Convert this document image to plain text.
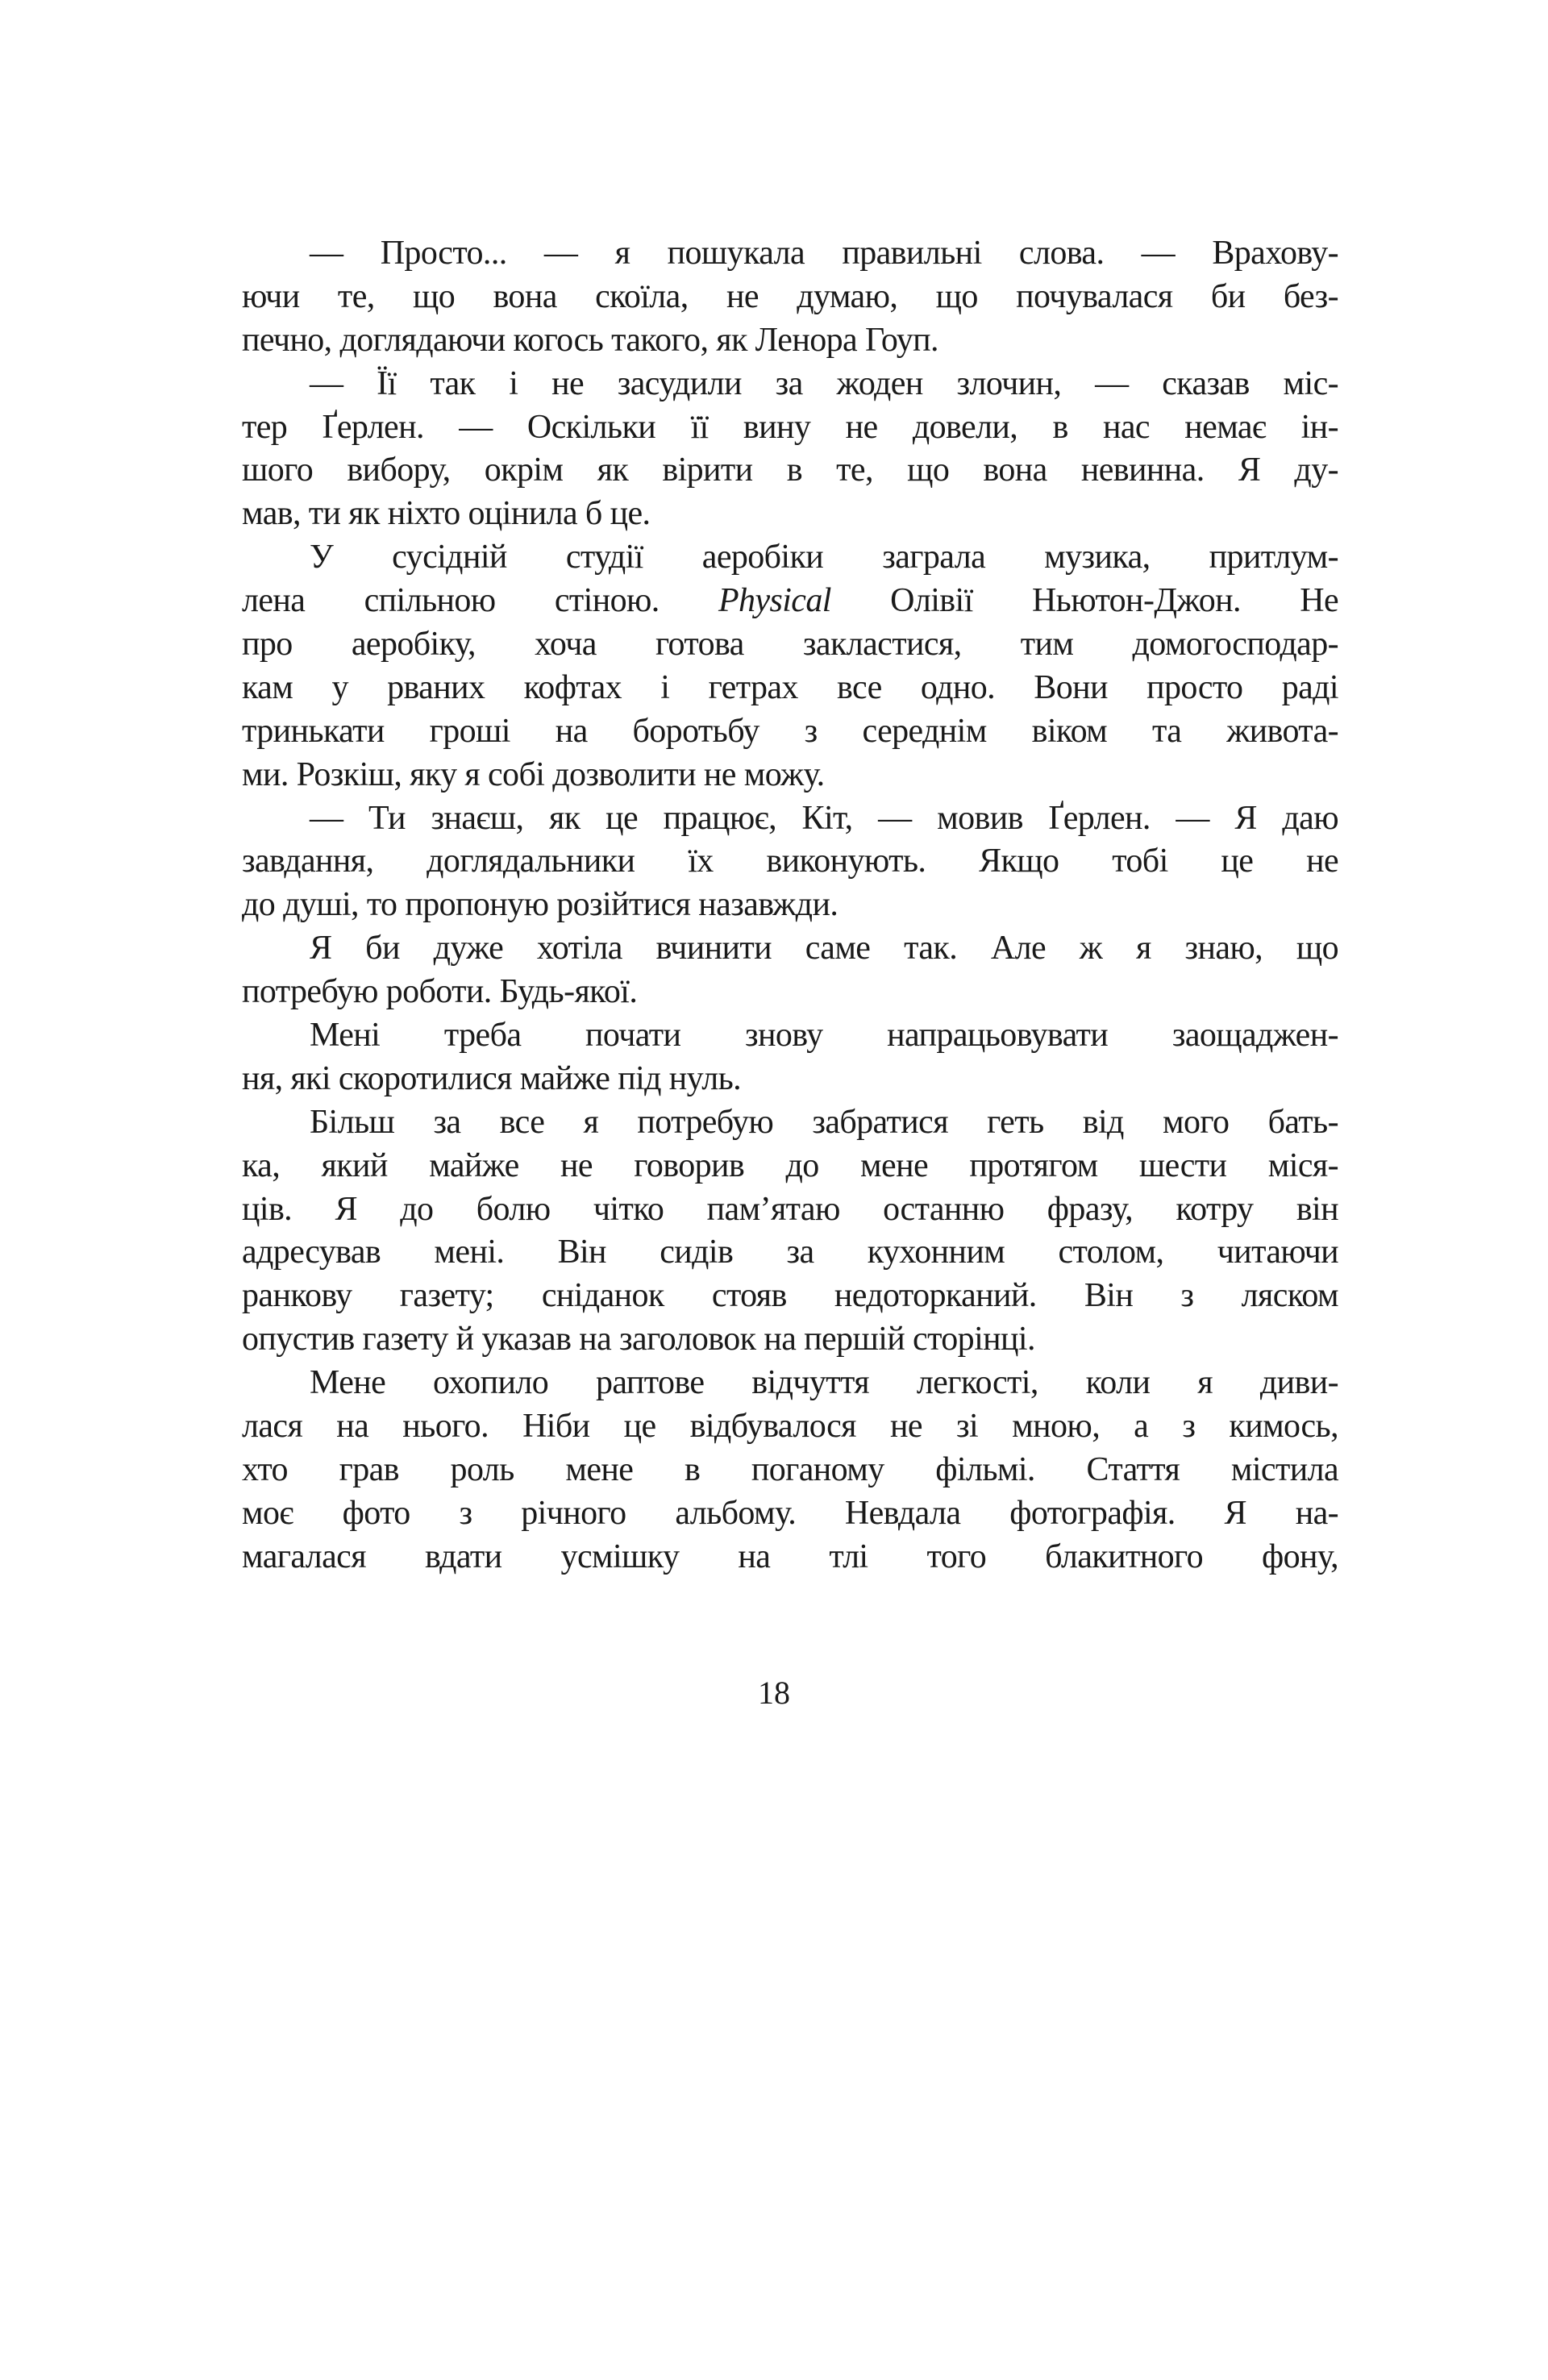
— Просто... — я пошукала правильні слова. — Врахову-
ючи те, що вона скоїла, не думаю, що почувалася би без-
печно, доглядаючи когось такого, як Ленора Гоуп.
— Її так і не засудили за жоден злочин, — сказав міс-
тер Ґерлен. — Оскільки її вину не довели, в нас немає ін-
шого вибору, окрім як вірити в те, що вона невинна. Я ду-
мав, ти як ніхто оцінила б це.
У сусідній студії аеробіки заграла музика, притлум-
лена спільною стіною. Physical Олівії Ньютон-Джон. Не
про аеробіку, хоча готова закластися, тим домогосподар-
кам у рваних кофтах і гетрах все одно. Вони просто раді
тринькати гроші на боротьбу з середнім віком та живота-
ми. Розкіш, яку я собі дозволити не можу.
— Ти знаєш, як це працює, Кіт, — мовив Ґерлен. — Я даю
завдання, доглядальники їх виконують. Якщо тобі це не
до душі, то пропоную розійтися назавжди.
Я би дуже хотіла вчинити саме так. Але ж я знаю, що
потребую роботи. Будь-якої.
Мені треба почати знову напрацьовувати заощаджен-
ня, які скоротилися майже під нуль.
Більш за все я потребую забратися геть від мого бать-
ка, який майже не говорив до мене протягом шести міся-
ців. Я до болю чітко пам’ятаю останню фразу, котру він
адресував мені. Він сидів за кухонним столом, читаючи
ранкову газету; сніданок стояв недоторканий. Він з ляском
опустив газету й указав на заголовок на першій сторінці.
Мене охопило раптове відчуття легкості, коли я диви-
лася на нього. Ніби це відбувалося не зі мною, а з кимось,
хто грав роль мене в поганому фільмі. Стаття містила
моє фото з річного альбому. Невдала фотографія. Я на-
магалася вдати усмішку на тлі того блакитного фону,
18
